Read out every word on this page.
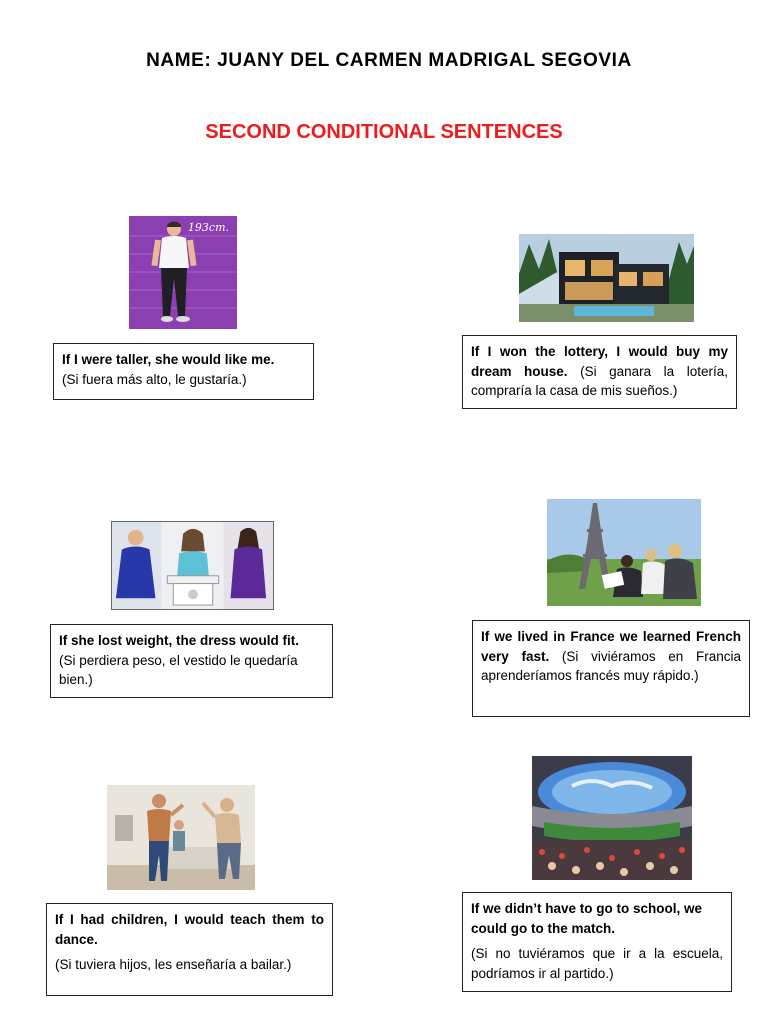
NAME: JUANY DEL CARMEN MADRIGAL SEGOVIA
SECOND CONDITIONAL SENTENCES
193cm.
If I were taller, she would like me.
(Si fuera más alto, le gustaría.)
If I won the lottery, I would buy my dream house. (Si ganara la lotería, compraría la casa de mis sueños.)
If she lost weight, the dress would fit.
(Si perdiera peso, el vestido le quedaría bien.)
If we lived in France we learned French very fast. (Si viviéramos en Francia aprenderíamos francés muy rápido.)
If I had children, I would teach them to dance.
(Si tuviera hijos, les enseñaría a bailar.)
If we didn’t have to go to school, we could go to the match.
(Si no tuviéramos que ir a la escuela, podríamos ir al partido.)
